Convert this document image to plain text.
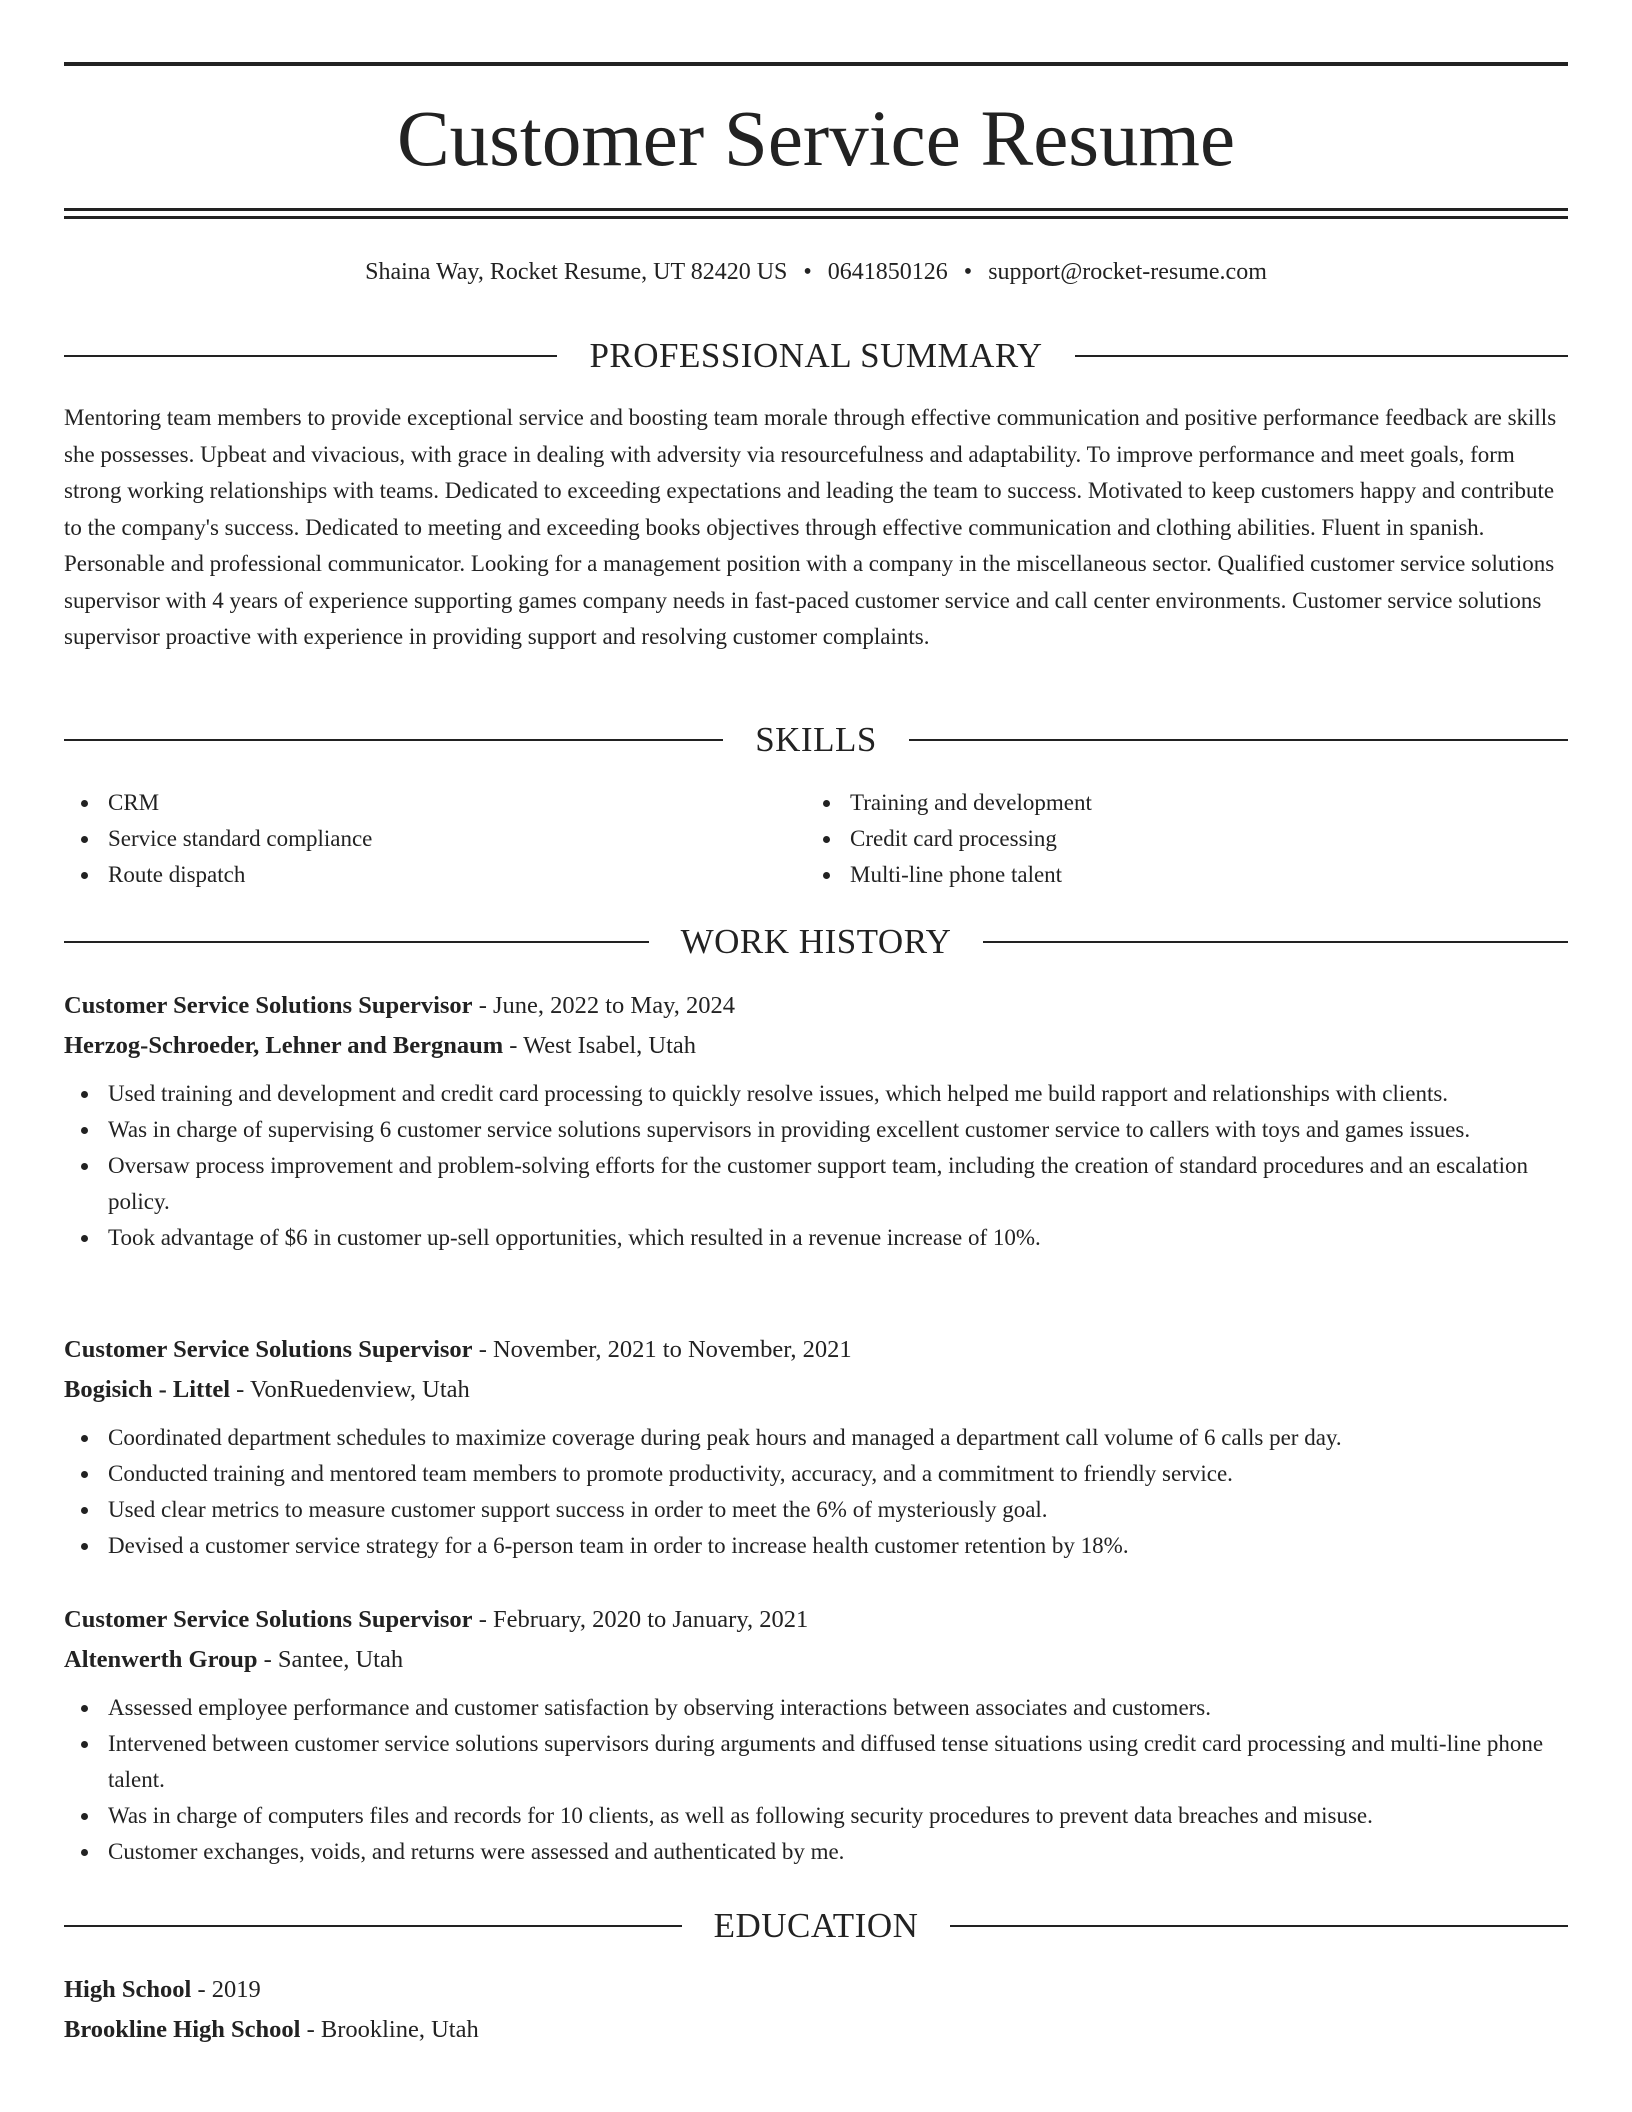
Customer Service Resume
Shaina Way, Rocket Resume, UT 82420 US • 0641850126 • support@rocket-resume.com
PROFESSIONAL SUMMARY

Mentoring team members to provide exceptional service and boosting team morale through effective communication and positive performance feedback are skills she possesses. Upbeat and vivacious, with grace in dealing with adversity via resourcefulness and adaptability. To improve performance and meet goals, form strong working relationships with teams. Dedicated to exceeding expectations and leading the team to success. Motivated to keep customers happy and contribute to the company's success. Dedicated to meeting and exceeding books objectives through effective communication and clothing abilities. Fluent in spanish. Personable and professional communicator. Looking for a management position with a company in the miscellaneous sector. Qualified customer service solutions supervisor with 4 years of experience supporting games company needs in fast-paced customer service and call center environments. Customer service solutions supervisor proactive with experience in providing support and resolving customer complaints.

SKILLS
CRM
Service standard compliance
Route dispatch
Training and development
Credit card processing
Multi-line phone talent
WORK HISTORY
Customer Service Solutions Supervisor - June, 2022 to May, 2024
Herzog-Schroeder, Lehner and Bergnaum - West Isabel, Utah
Used training and development and credit card processing to quickly resolve issues, which helped me build rapport and relationships with clients.
Was in charge of supervising 6 customer service solutions supervisors in providing excellent customer service to callers with toys and games issues.
Oversaw process improvement and problem-solving efforts for the customer support team, including the creation of standard procedures and an escalation policy.
Took advantage of $6 in customer up-sell opportunities, which resulted in a revenue increase of 10%.
Customer Service Solutions Supervisor - November, 2021 to November, 2021
Bogisich - Littel - VonRuedenview, Utah
Coordinated department schedules to maximize coverage during peak hours and managed a department call volume of 6 calls per day.
Conducted training and mentored team members to promote productivity, accuracy, and a commitment to friendly service.
Used clear metrics to measure customer support success in order to meet the 6% of mysteriously goal.
Devised a customer service strategy for a 6-person team in order to increase health customer retention by 18%.
Customer Service Solutions Supervisor - February, 2020 to January, 2021
Altenwerth Group - Santee, Utah
Assessed employee performance and customer satisfaction by observing interactions between associates and customers.
Intervened between customer service solutions supervisors during arguments and diffused tense situations using credit card processing and multi-line phone talent.
Was in charge of computers files and records for 10 clients, as well as following security procedures to prevent data breaches and misuse.
Customer exchanges, voids, and returns were assessed and authenticated by me.
EDUCATION
High School - 2019
Brookline High School - Brookline, Utah
